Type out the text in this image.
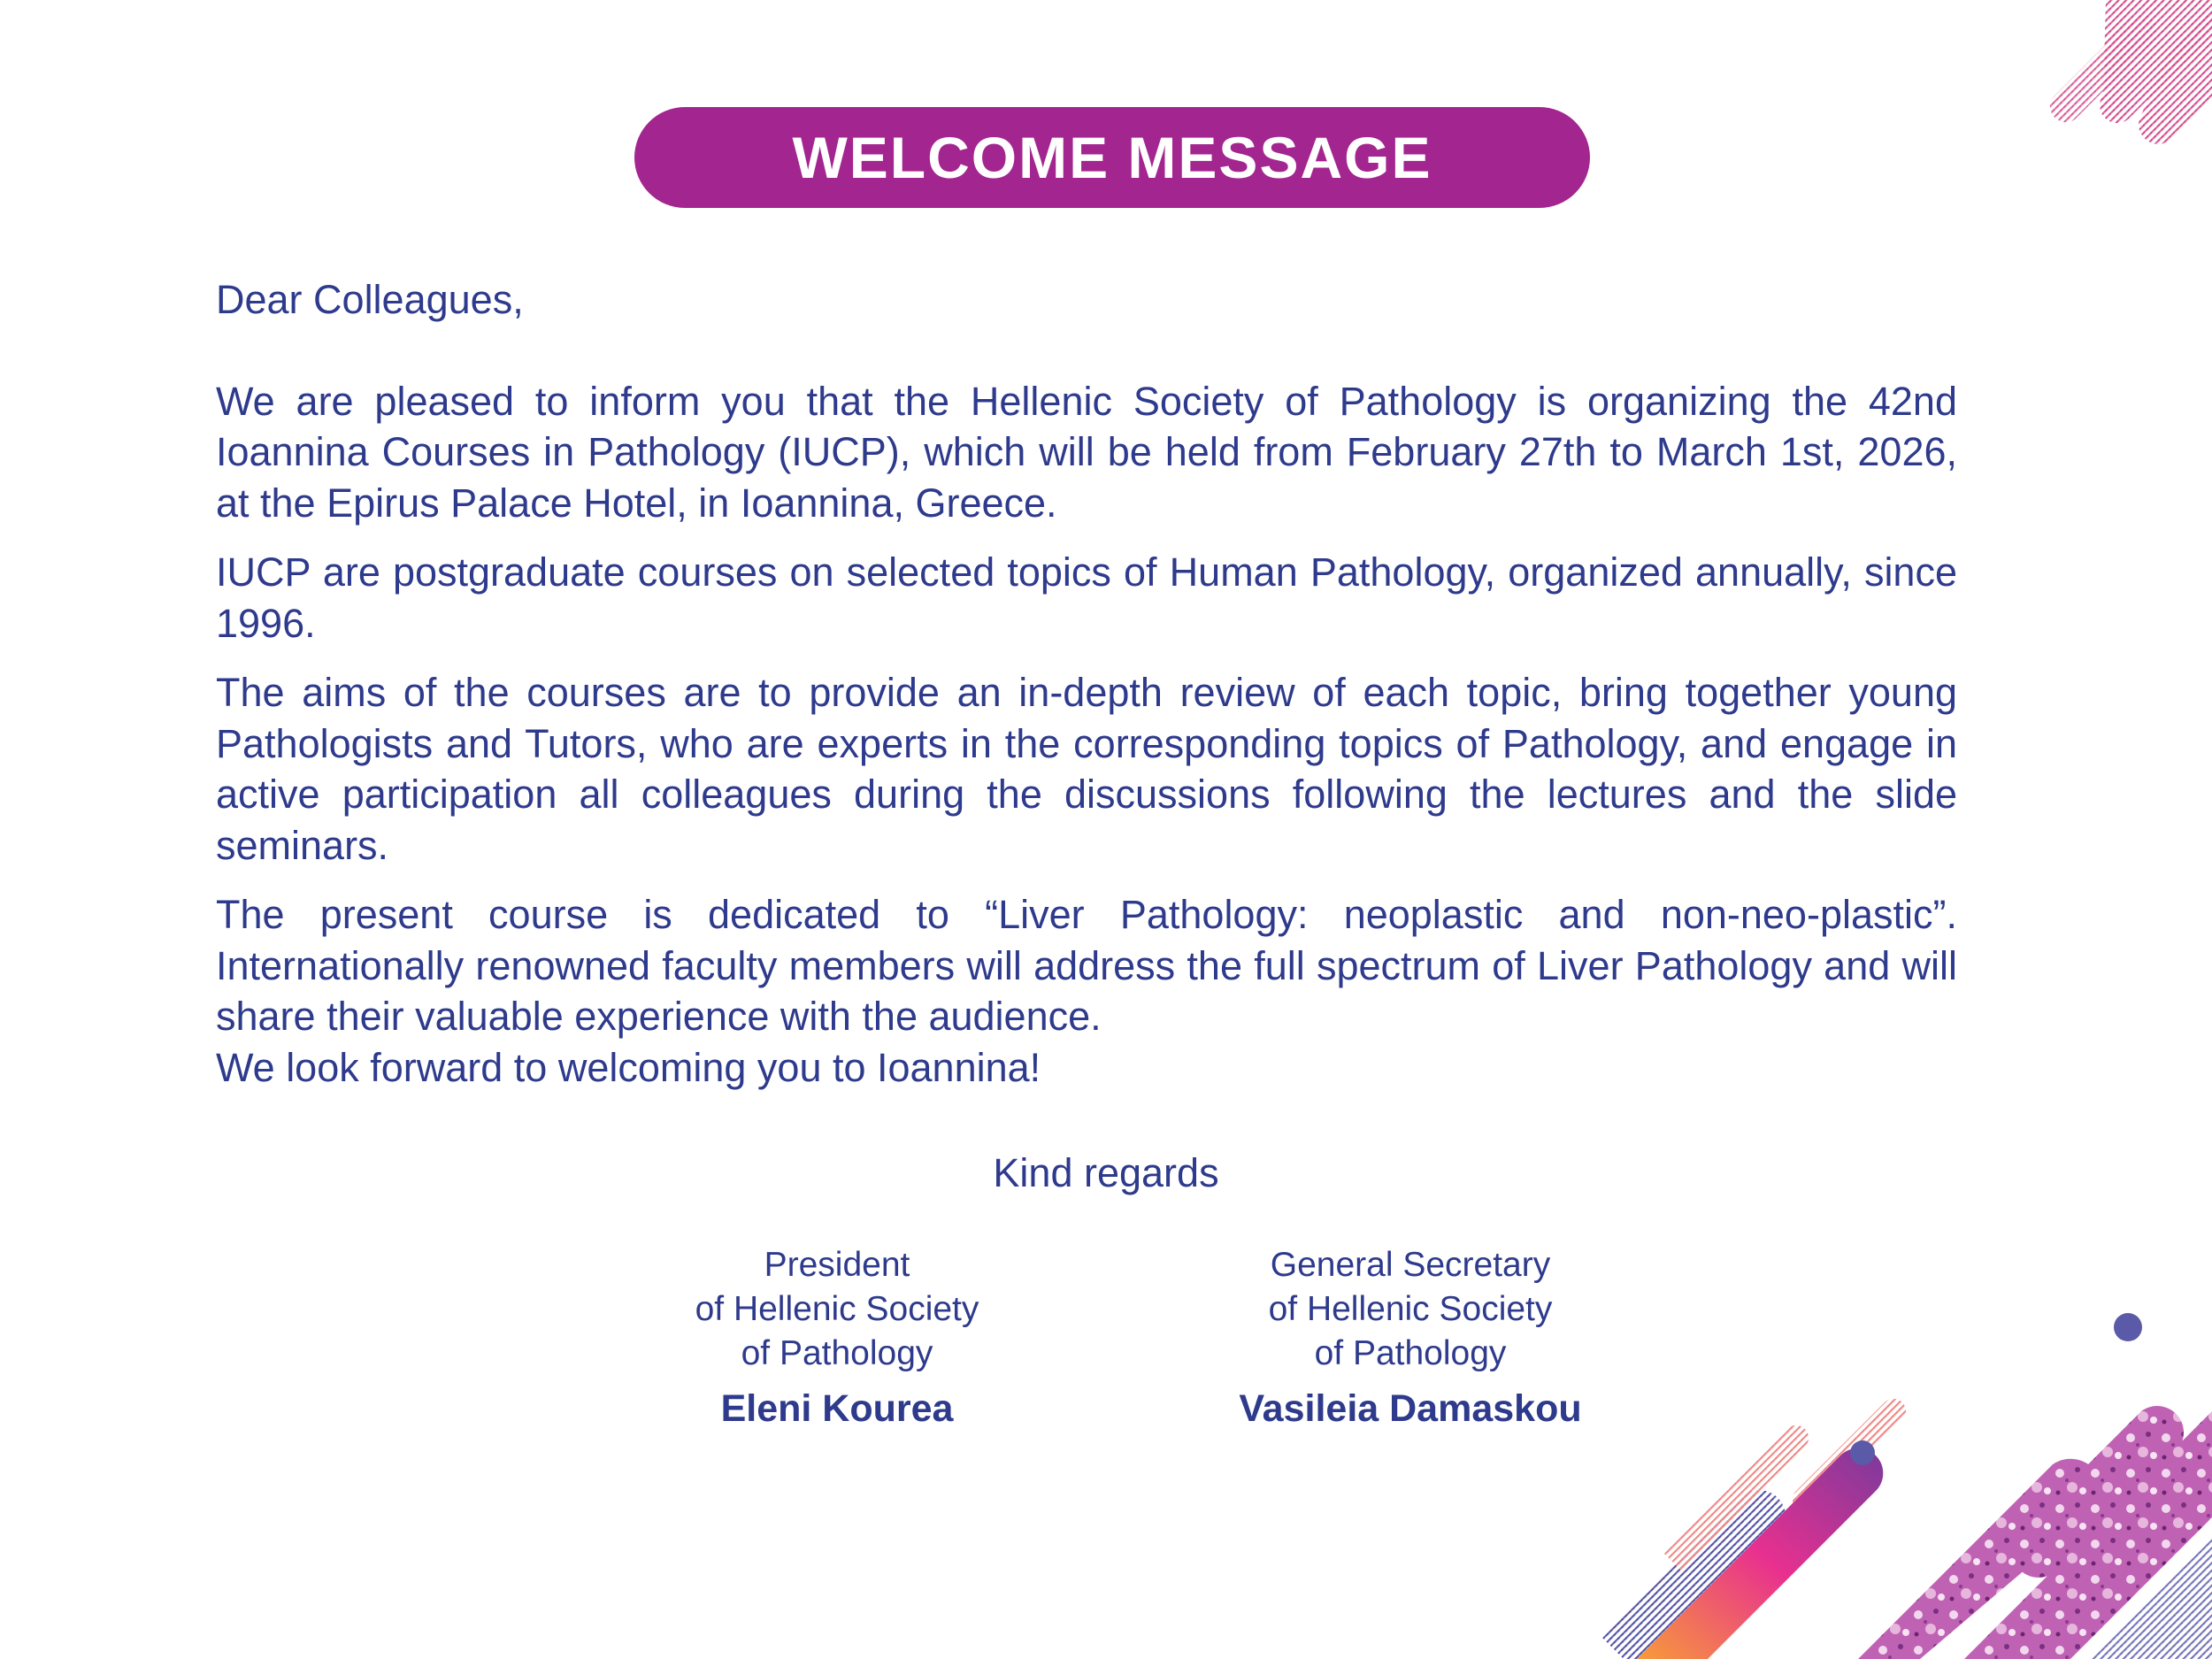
WELCOME MESSAGE

Dear Colleagues,

We are pleased to inform you that the Hellenic Society of Pathology is organizing the 42nd Ioannina Courses in Pathology (IUCP), which will be held from February 27th to March 1st, 2026, at the Epirus Palace Hotel, in Ioannina, Greece.

IUCP are postgraduate courses on selected topics of Human Pathology, organized annually, since 1996.

The aims of the courses are to provide an in-depth review of each topic, bring together young Pathologists and Tutors, who are experts in the corresponding topics of Pathology, and engage in active participation all colleagues during the discussions following the lectures and the slide seminars.

The present course is dedicated to “Liver Pathology: neoplastic and non-neo-plastic”. Internationally renowned faculty members will address the full spectrum of Liver Pathology and will share their valuable experience with the audience.

We look forward to welcoming you to Ioannina!

Kind regards
President
of Hellenic Society
of Pathology
Eleni Kourea
General Secretary
of Hellenic Society
of Pathology
Vasileia Damaskou
